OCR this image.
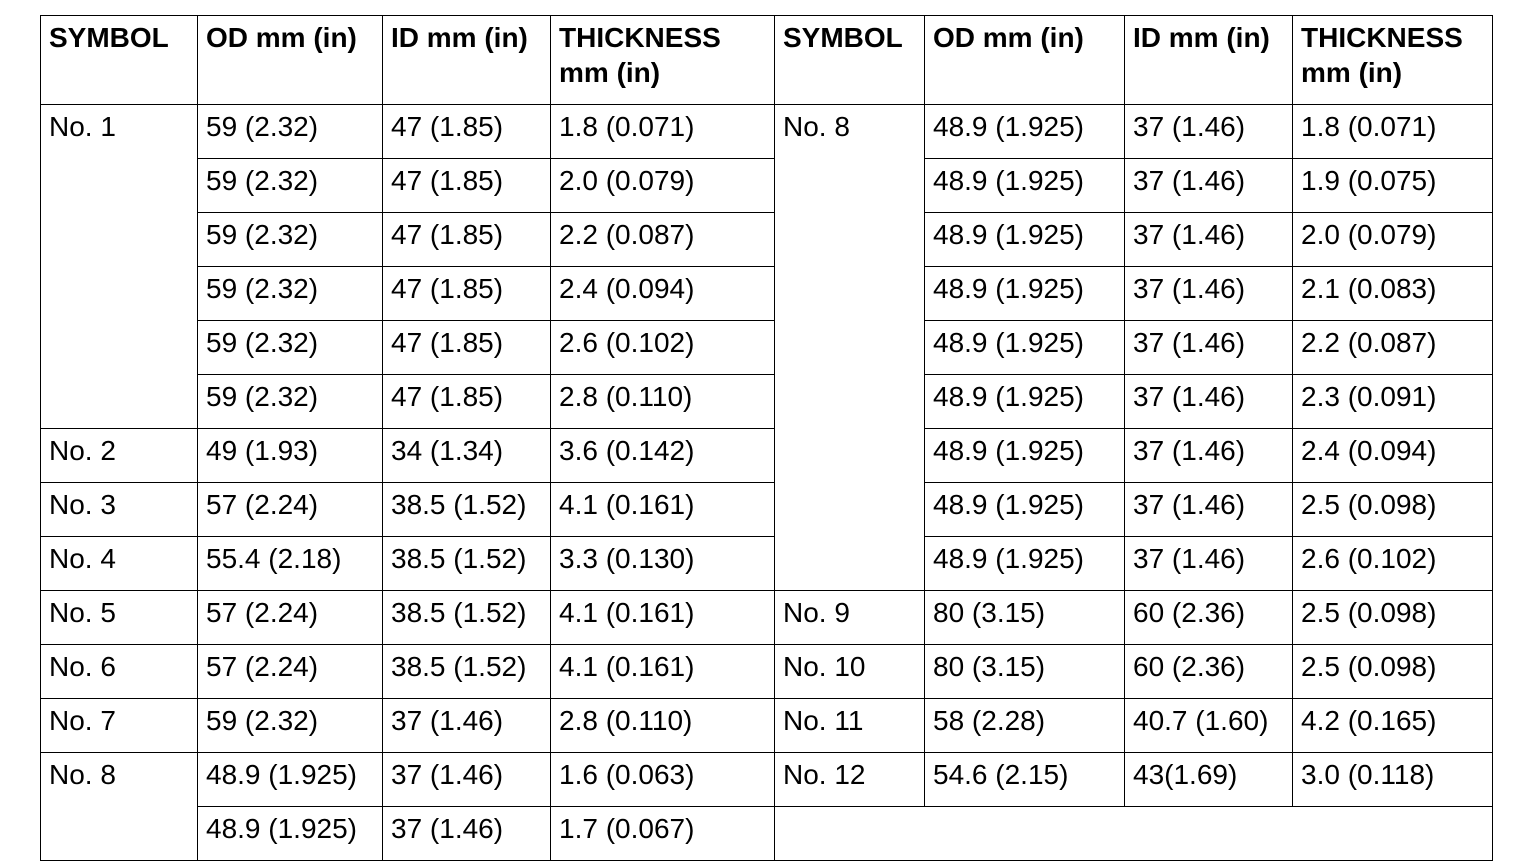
SYMBOL	OD mm (in)	ID mm (in)	THICKNESS mm (in)	SYMBOL	OD mm (in)	ID mm (in)	THICKNESS mm (in)
No. 1	59 (2.32)	47 (1.85)	1.8 (0.071)	No. 8	48.9 (1.925)	37 (1.46)	1.8 (0.071)
	59 (2.32)	47 (1.85)	2.0 (0.079)		48.9 (1.925)	37 (1.46)	1.9 (0.075)
	59 (2.32)	47 (1.85)	2.2 (0.087)		48.9 (1.925)	37 (1.46)	2.0 (0.079)
	59 (2.32)	47 (1.85)	2.4 (0.094)		48.9 (1.925)	37 (1.46)	2.1 (0.083)
	59 (2.32)	47 (1.85)	2.6 (0.102)		48.9 (1.925)	37 (1.46)	2.2 (0.087)
	59 (2.32)	47 (1.85)	2.8 (0.110)		48.9 (1.925)	37 (1.46)	2.3 (0.091)
No. 2	49 (1.93)	34 (1.34)	3.6 (0.142)		48.9 (1.925)	37 (1.46)	2.4 (0.094)
No. 3	57 (2.24)	38.5 (1.52)	4.1 (0.161)		48.9 (1.925)	37 (1.46)	2.5 (0.098)
No. 4	55.4 (2.18)	38.5 (1.52)	3.3 (0.130)		48.9 (1.925)	37 (1.46)	2.6 (0.102)
No. 5	57 (2.24)	38.5 (1.52)	4.1 (0.161)	No. 9	80 (3.15)	60 (2.36)	2.5 (0.098)
No. 6	57 (2.24)	38.5 (1.52)	4.1 (0.161)	No. 10	80 (3.15)	60 (2.36)	2.5 (0.098)
No. 7	59 (2.32)	37 (1.46)	2.8 (0.110)	No. 11	58 (2.28)	40.7 (1.60)	4.2 (0.165)
No. 8	48.9 (1.925)	37 (1.46)	1.6 (0.063)	No. 12	54.6 (2.15)	43(1.69)	3.0 (0.118)
	48.9 (1.925)	37 (1.46)	1.7 (0.067)				
